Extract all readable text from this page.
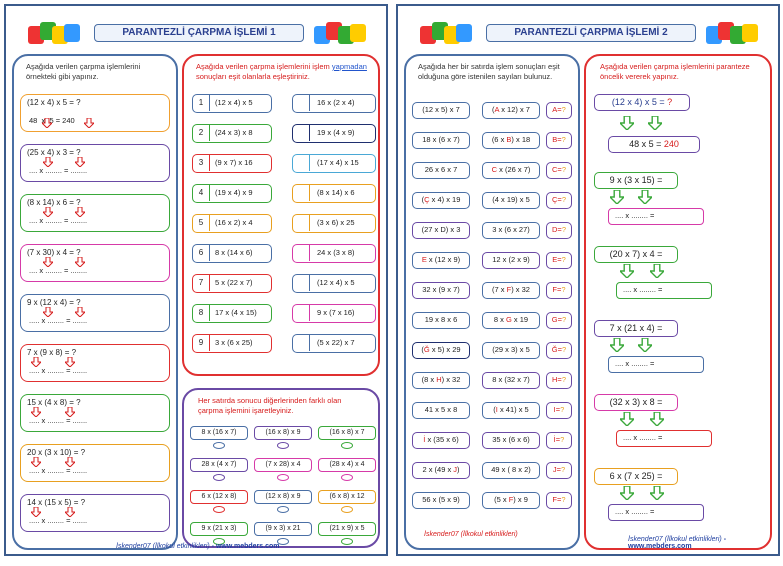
PARANTEZLİ ÇARPMA İŞLEMİ 1
Aşağıda verilen çarpma işlemlerini örnekteki gibi yapınız.
(12 x 4) x 5 = ?
48 x 5 = 240
(25 x 4) x 3 = ?
.... x ........ = ........
(8 x 14) x 6 = ?
.... x ........ = ........
(7 x 30) x 4 = ?
.... x ........ = ........
9 x (12 x 4) = ?
..... x ........ = .......
7 x (9 x 8) = ?
..... x ........ = .......
15 x (4 x 8) = ?
..... x ........ = .......
20 x (3 x 10) = ?
..... x ........ = .......
14 x (15 x 5) = ?
..... x ........ = .......
Aşağıda verilen çarpma işlemlerini işlem yapmadan sonuçları eşit olanlarla eşleştiriniz.
1	(12 x 4) x 5	16 x (2 x 4)
2	(24 x 3) x 8	19 x (4 x 9)
3	(9 x 7) x 16	(17 x 4) x 15
4	(19 x 4) x 9	(8 x 14) x 6
5	(16 x 2) x 4	(3 x 6) x 25
6	8 x (14 x 6)	24 x (3 x 8)
7	5 x (22 x 7)	(12 x 4) x 5
8	17 x (4 x 15)	9 x (7 x 16)
9	3 x (6 x 25)	(5 x 22) x 7
Her satırda sonucu diğerlerinden farklı olan çarpma işlemini işaretleyiniz.
8 x (16 x 7)	(16 x 8) x 9	(16 x 8) x 7
28 x (4 x 7)	(7 x 28) x 4	(28 x 4) x 4
6 x (12 x 8)	(12 x 8) x 9	(6 x 8) x 12
9 x (21 x 3)	(9 x 3) x 21	(21 x 9) x 5
İskender07 (İlkokul etkinlikleri) - www.mebders.com
PARANTEZLİ ÇARPMA İŞLEMİ 2
Aşağıda her bir satırda işlem sonuçları eşit olduğuna göre istenilen sayıları bulunuz.
(12 x 5) x 7	(A x 12) x 7	A=?
18 x (6 x 7)	(6 x B) x 18	B=?
26 x 6 x 7	C x (26 x 7)	C=?
(Ç x 4) x 19	(4 x 19) x 5	Ç=?
(27 x D) x 3	3 x (6 x 27)	D=?
E x (12 x 9)	12 x (2 x 9)	E=?
32 x (9 x 7)	(7 x F) x 32	F=?
19 x 8 x 6	8 x G x 19	G=?
(Ğ x 5) x 29	(29 x 3) x 5	Ğ=?
(8 x H) x 32	8 x (32 x 7)	H=?
41 x 5 x 8	(I x 41) x 5	I=?
İ x (35 x 6)	35 x (6 x 6)	İ=?
2 x (49 x J)	49 x ( 8 x 2)	J=?
56 x (5 x 9)	(5 x F) x 9	F=?
İskender07 (İlkokul etkinlikleri)
Aşağıda verilen çarpma işlemlerini paranteze öncelik vererek yapınız.
(12 x 4) x 5 = ?
48 x 5 = 240
9 x (3 x 15) =
.... x ........ =
(20 x 7) x 4 =
.... x ........ =
7 x (21 x 4) =
.... x ........ =
(32 x 3) x 8 =
.... x ........ =
6 x (7 x 25) =
.... x ........ =
İskender07 (İlkokul etkinlikleri) - www.mebders.com
